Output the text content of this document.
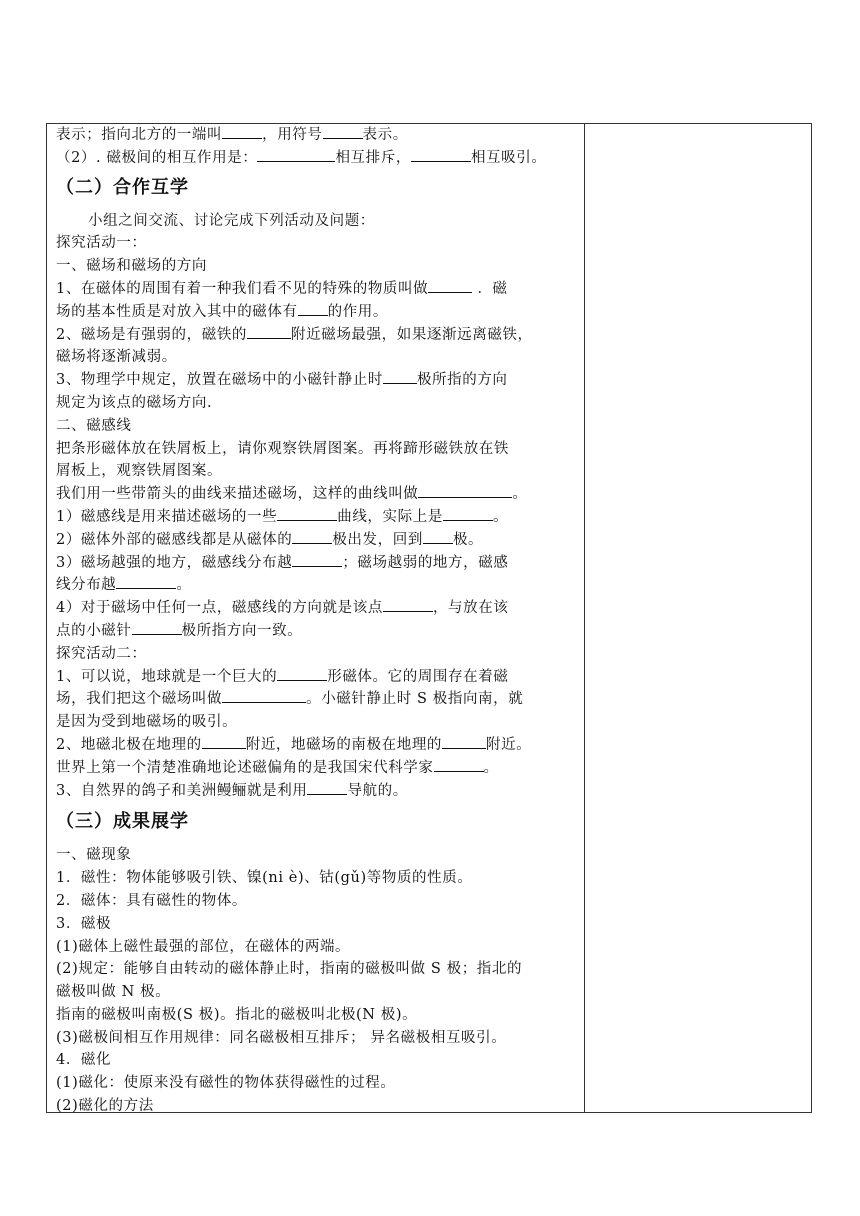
表示；指向北方的一端叫	，用符号	表示。
（2）. 磁极间的相互作用是：	相互排斥，	相互吸引。
（二）合作互学
小组之间交流、讨论完成下列活动及问题：
探究活动一：
一、磁场和磁场的方向
1、在磁体的周围有着一种我们看不见的特殊的物质叫做	．磁
场的基本性质是对放入其中的磁体有 的作用。
2、磁场是有强弱的，磁铁的	附近磁场最强，如果逐渐远离磁铁，
磁场将逐渐减弱。
3、物理学中规定，放置在磁场中的小磁针静止时 极所指的方向
规定为该点的磁场方向.
二、磁感线
把条形磁体放在铁屑板上，请你观察铁屑图案。再将蹄形磁铁放在铁
屑板上，观察铁屑图案。
我们用一些带箭头的曲线来描述磁场，这样的曲线叫做	。
1）磁感线是用来描述磁场的一些	曲线，实际上是	。
2）磁体外部的磁感线都是从磁体的	极出发，回到 极。
3）磁场越强的地方，磁感线分布越	；磁场越弱的地方，磁感
线分布越	。
4）对于磁场中任何一点，磁感线的方向就是该点	，与放在该
点的小磁针	极所指方向一致。
探究活动二：
1、可以说，地球就是一个巨大的	形磁体。它的周围存在着磁
场，我们把这个磁场叫做	。小磁针静止时 S 极指向南，就
是因为受到地磁场的吸引。
2、地磁北极在地理的	附近，地磁场的南极在地理的	附近。
世界上第一个清楚准确地论述磁偏角的是我国宋代科学家	。
3、自然界的鸽子和美洲鳗鲡就是利用	导航的。
（三）成果展学
一、磁现象
1．磁性：物体能够吸引铁、镍(ni è)、钴(gǔ)等物质的性质。
2．磁体：具有磁性的物体。
3．磁极
(1)磁体上磁性最强的部位，在磁体的两端。
(2)规定：能够自由转动的磁体静止时，指南的磁极叫做 S 极；指北的
磁极叫做 N 极。
指南的磁极叫南极(S 极)。指北的磁极叫北极(N 极)。
(3)磁极间相互作用规律：同名磁极相互排斥； 异名磁极相互吸引。
4．磁化
(1)磁化：使原来没有磁性的物体获得磁性的过程。
(2)磁化的方法
